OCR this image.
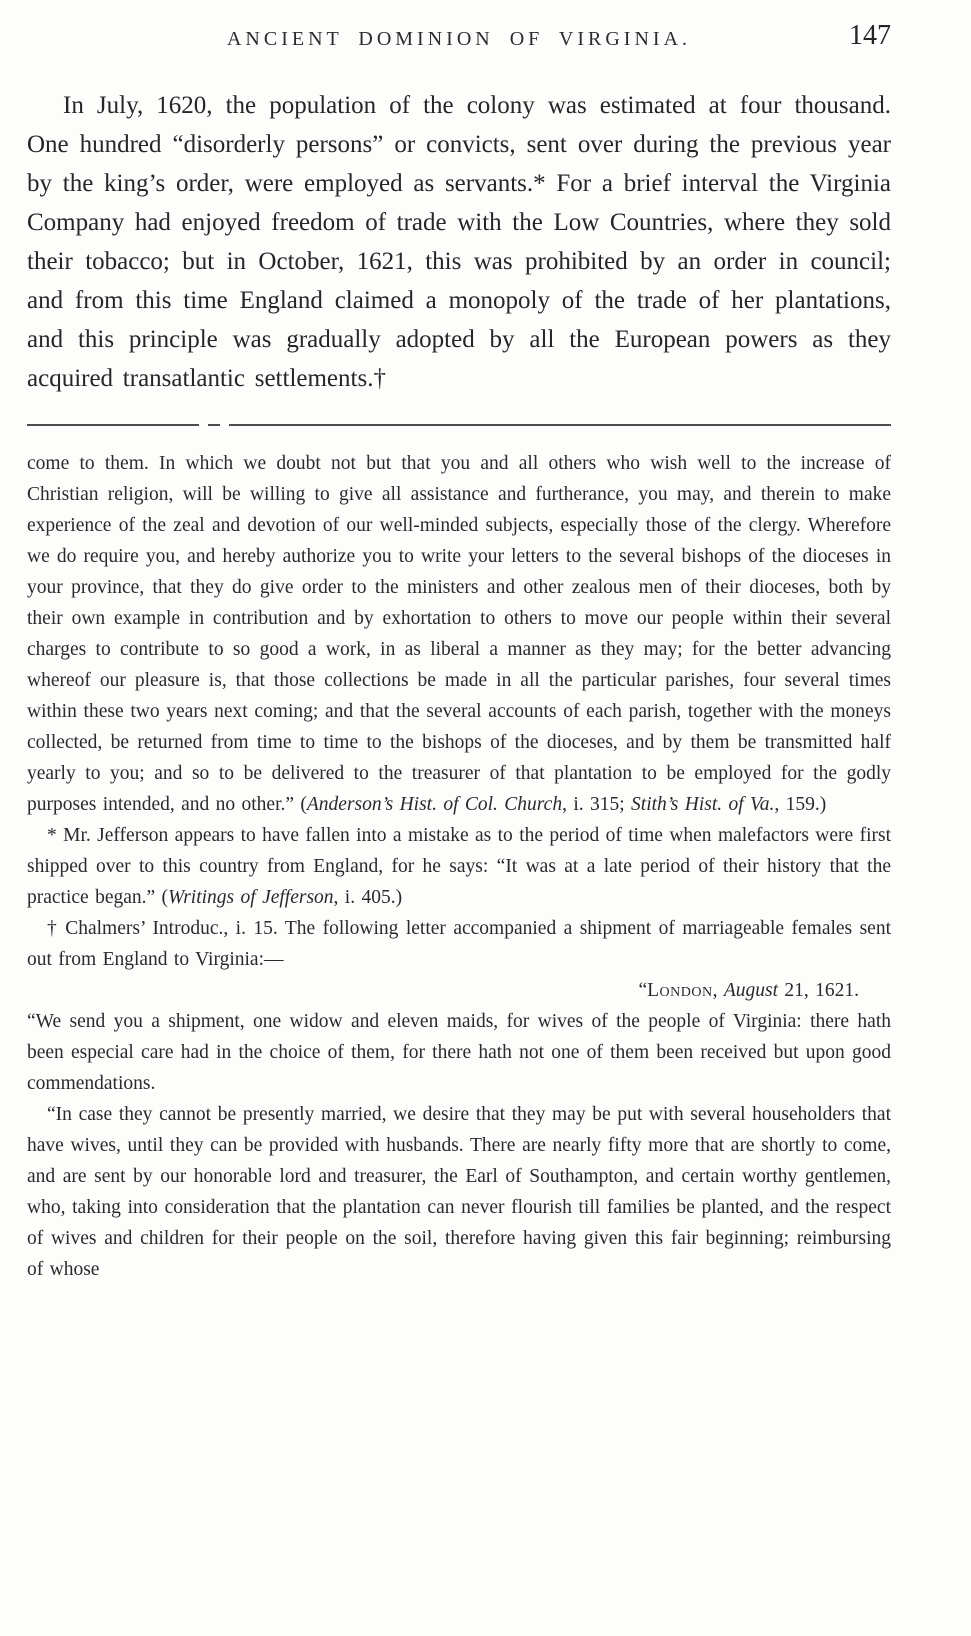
ANCIENT DOMINION OF VIRGINIA.	147

In July, 1620, the population of the colony was estimated at four thousand. One hundred “disorderly persons” or convicts, sent over during the previous year by the king’s order, were employed as servants.* For a brief interval the Virginia Company had enjoyed freedom of trade with the Low Countries, where they sold their tobacco; but in October, 1621, this was prohibited by an order in council; and from this time England claimed a monopoly of the trade of her plantations, and this principle was gradually adopted by all the European powers as they acquired transatlantic settlements.†

come to them. In which we doubt not but that you and all others who wish well to the increase of Christian religion, will be willing to give all assistance and furtherance, you may, and therein to make experience of the zeal and devotion of our well-minded subjects, especially those of the clergy. Wherefore we do require you, and hereby authorize you to write your letters to the several bishops of the dioceses in your province, that they do give order to the ministers and other zealous men of their dioceses, both by their own example in contribution and by exhortation to others to move our people within their several charges to contribute to so good a work, in as liberal a manner as they may; for the better advancing whereof our pleasure is, that those collections be made in all the particular parishes, four several times within these two years next coming; and that the several accounts of each parish, together with the moneys collected, be returned from time to time to the bishops of the dioceses, and by them be transmitted half yearly to you; and so to be delivered to the treasurer of that plantation to be employed for the godly purposes intended, and no other.” (Anderson’s Hist. of Col. Church, i. 315; Stith’s Hist. of Va., 159.)

* Mr. Jefferson appears to have fallen into a mistake as to the period of time when malefactors were first shipped over to this country from England, for he says: “It was at a late period of their history that the practice began.” (Writings of Jefferson, i. 405.)

† Chalmers’ Introduc., i. 15. The following letter accompanied a shipment of marriageable females sent out from England to Virginia:—

“London, August 21, 1621.

“We send you a shipment, one widow and eleven maids, for wives of the people of Virginia: there hath been especial care had in the choice of them, for there hath not one of them been received but upon good commendations.

“In case they cannot be presently married, we desire that they may be put with several householders that have wives, until they can be provided with husbands. There are nearly fifty more that are shortly to come, and are sent by our honorable lord and treasurer, the Earl of Southampton, and certain worthy gentlemen, who, taking into consideration that the plantation can never flourish till families be planted, and the respect of wives and children for their people on the soil, therefore having given this fair beginning; reimbursing of whose
